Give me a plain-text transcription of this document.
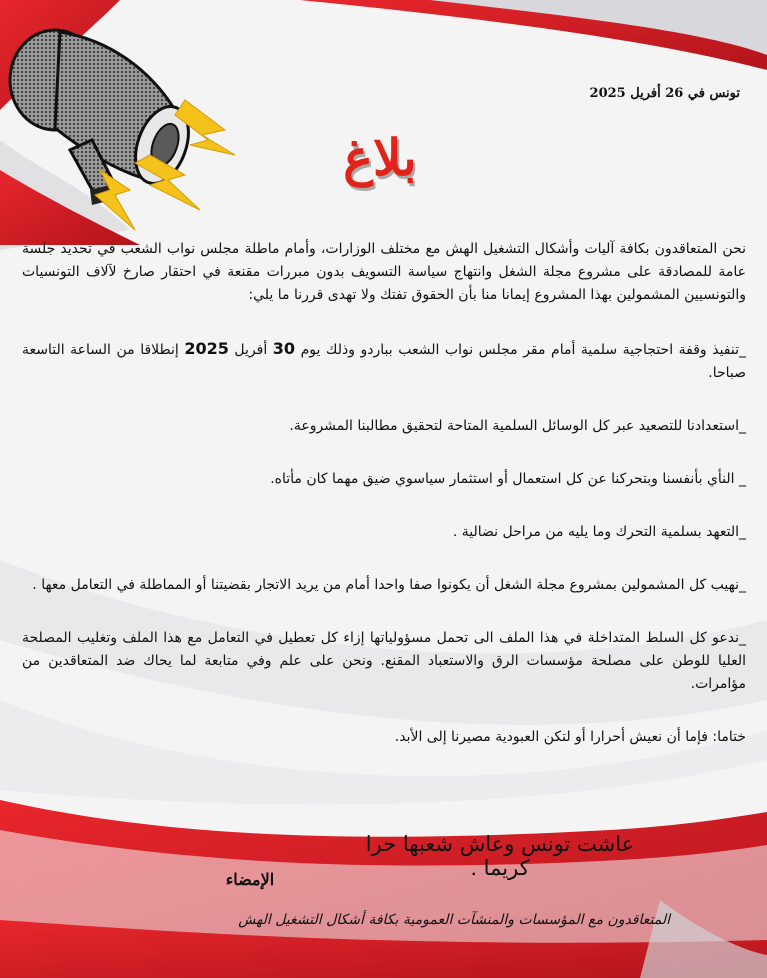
تونس في 26 أفريل 2025
بلاغ

نحن المتعاقدون بكافة آليات وأشكال التشغيل الهش مع مختلف الوزارات، وأمام ماطلة مجلس نواب الشعب في تحديد جلسة عامة للمصادقة على مشروع مجلة الشغل وانتهاج سياسة التسويف بدون مبررات مقنعة في احتقار صارخ لآلاف التونسيات والتونسيين المشمولين بهذا المشروع إيمانا منا بأن الحقوق تفتك ولا تهدى قررنا ما يلي:

_تنفيذ وقفة احتجاجية سلمية أمام مقر مجلس نواب الشعب بباردو وذلك يوم 30 أفريل 2025 إنطلاقا من الساعة التاسعة صباحا.

_استعدادنا للتصعيد عبر كل الوسائل السلمية المتاحة لتحقيق مطالبنا المشروعة.

_ النأي بأنفسنا وبتحركنا عن كل استعمال أو استثمار سياسوي ضيق مهما كان مأتاه.

_التعهد بسلمية التحرك وما يليه من مراحل نضالية .

_نهيب كل المشمولين بمشروع مجلة الشغل أن يكونوا صفا واحدا أمام من يريد الاتجار بقضيتنا أو المماطلة في التعامل معها .

_ندعو كل السلط المتداخلة في هذا الملف الى تحمل مسؤولياتها إزاء كل تعطيل في التعامل مع هذا الملف وتغليب المصلحة العليا للوطن على مصلحة مؤسسات الرق والاستعباد المقنع. ونحن على علم وفي متابعة لما يحاك ضد المتعاقدين من مؤامرات.

ختاما: فإما أن نعيش أحرارا أو لتكن العبودية مصيرنا إلى الأبد.

عاشت تونس وعاش شعبها حرا كريما .
الإمضاء
المتعاقدون مع المؤسسات والمنشآت العمومية بكافة أشكال التشغيل الهش
